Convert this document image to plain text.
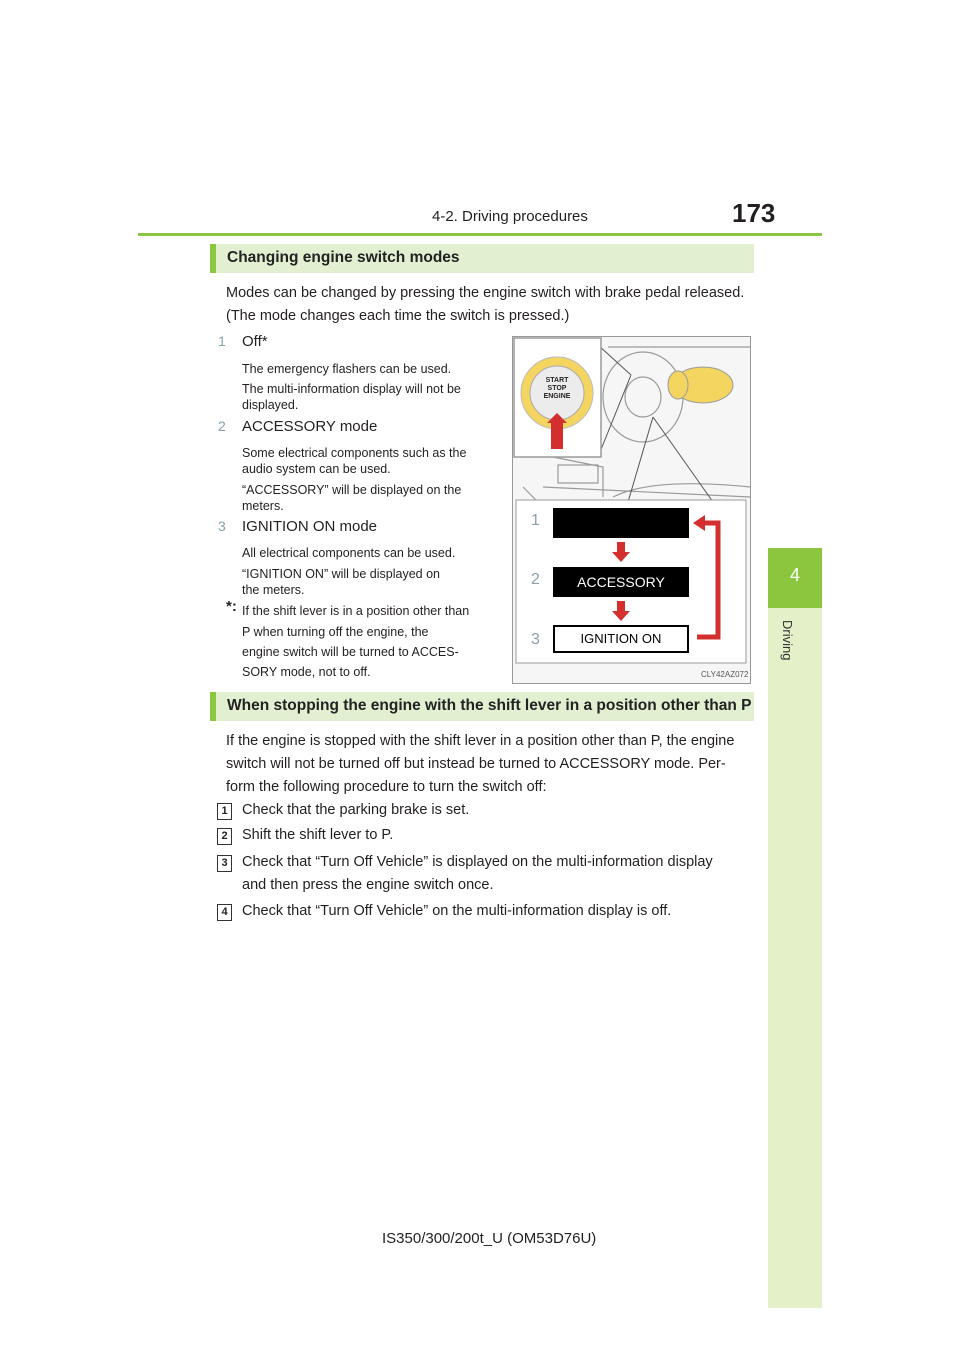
4-2. Driving procedures	173
4
Driving
Changing engine switch modes
Modes can be changed by pressing the engine switch with brake pedal released.
(The mode changes each time the switch is pressed.)
1 Off*
The emergency flashers can be used.
The multi-information display will not be
displayed.
2 ACCESSORY mode
Some electrical components such as the
audio system can be used.
“ACCESSORY” will be displayed on the
meters.
3 IGNITION ON mode
All electrical components can be used.
“IGNITION ON” will be displayed on
the meters.
*: If the shift lever is in a position other than
P when turning off the engine, the
engine switch will be turned to ACCES-
SORY mode, not to off.
START
STOP
ENGINE
1
2	ACCESSORY
3	IGNITION ON
CLY42AZ072
When stopping the engine with the shift lever in a position other than P
If the engine is stopped with the shift lever in a position other than P, the engine
switch will not be turned off but instead be turned to ACCESSORY mode. Per-
form the following procedure to turn the switch off:
1 Check that the parking brake is set.
2 Shift the shift lever to P.
3 Check that “Turn Off Vehicle” is displayed on the multi-information display
and then press the engine switch once.
4 Check that “Turn Off Vehicle” on the multi-information display is off.
IS350/300/200t_U (OM53D76U)
